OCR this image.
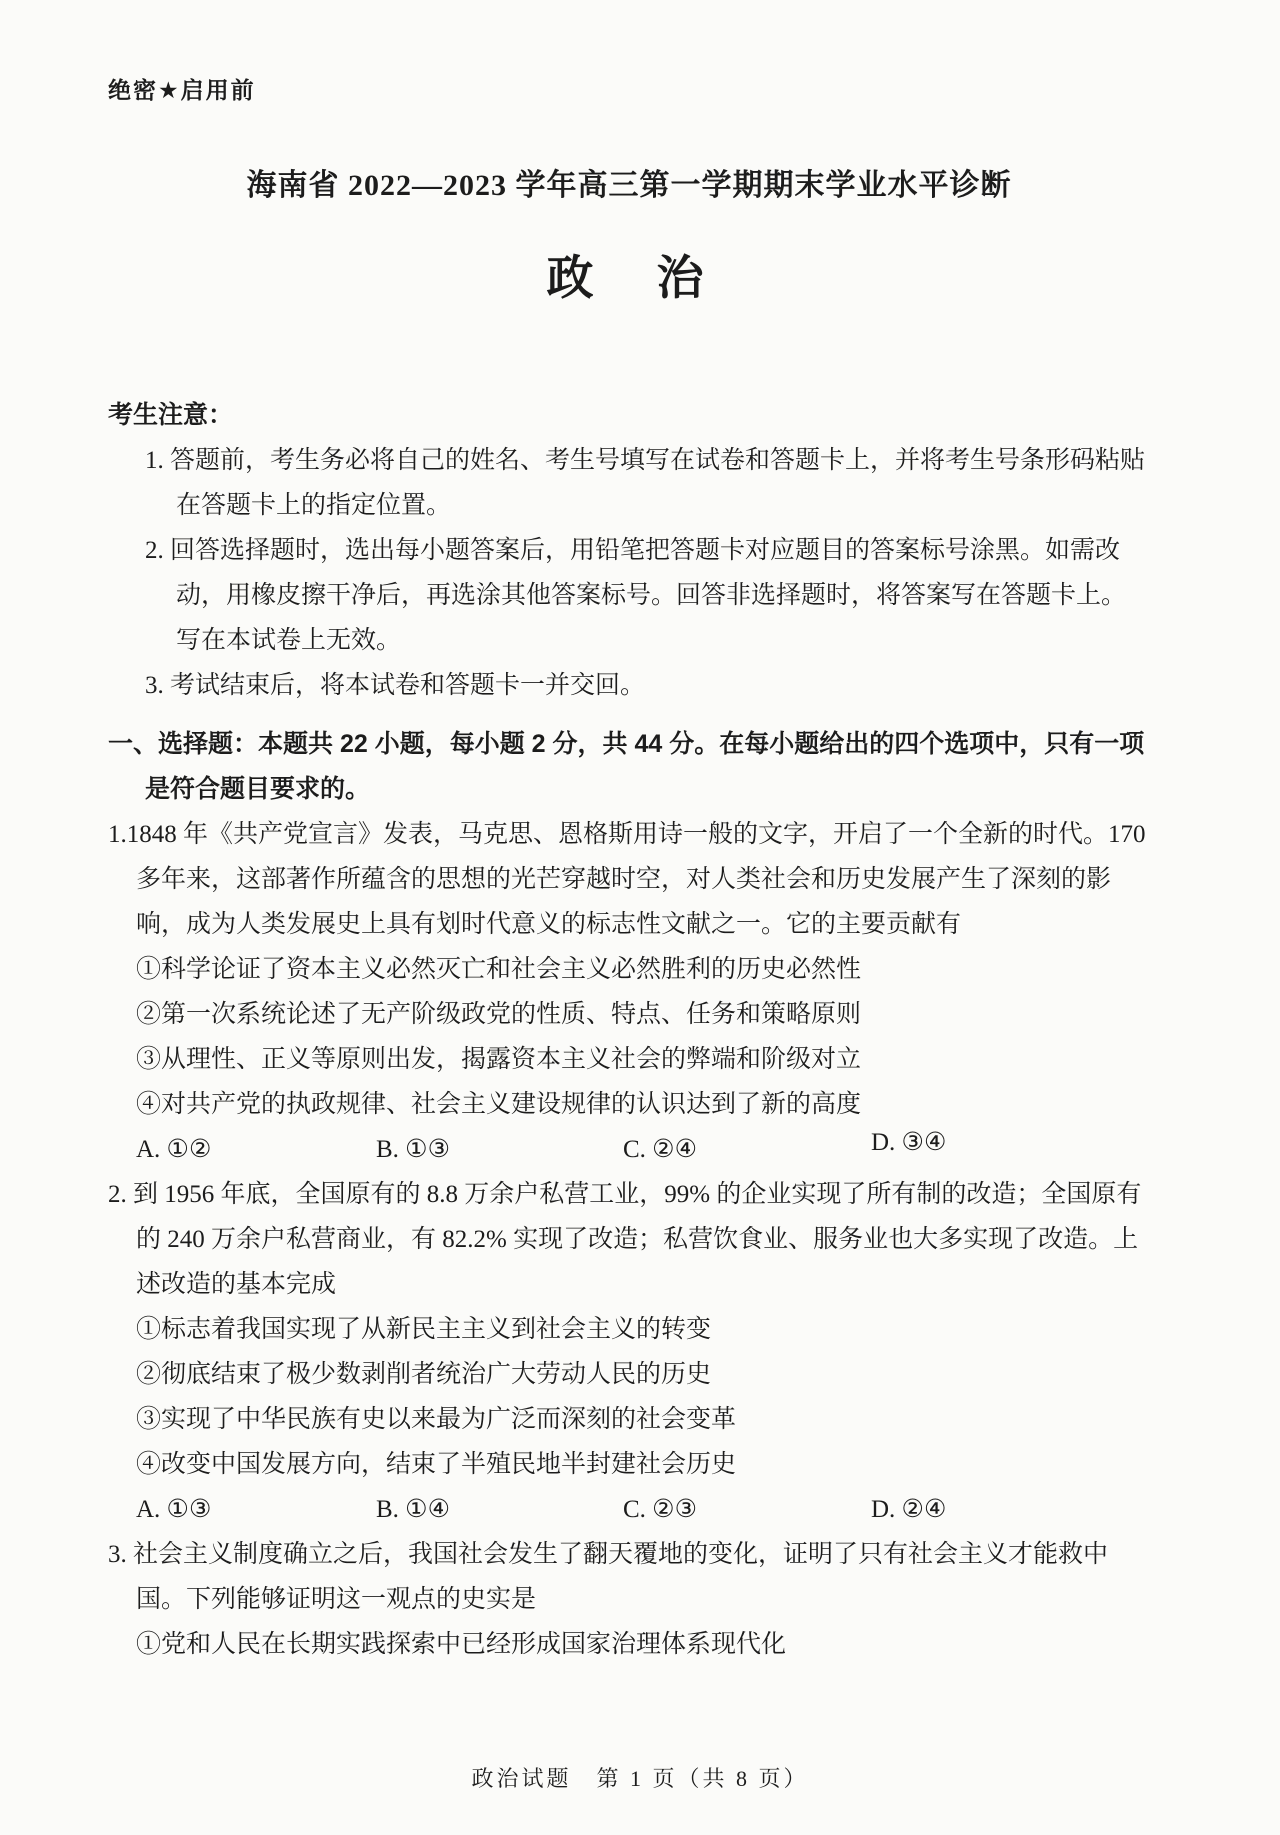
绝密★启用前
海南省 2022—2023 学年高三第一学期期末学业水平诊断
政　治
考生注意：

1. 答题前，考生务必将自己的姓名、考生号填写在试卷和答题卡上，并将考生号条形码粘贴在答题卡上的指定位置。

2. 回答选择题时，选出每小题答案后，用铅笔把答题卡对应题目的答案标号涂黑。如需改动，用橡皮擦干净后，再选涂其他答案标号。回答非选择题时，将答案写在答题卡上。写在本试卷上无效。

3. 考试结束后，将本试卷和答题卡一并交回。

一、选择题：本题共 22 小题，每小题 2 分，共 44 分。在每小题给出的四个选项中，只有一项是符合题目要求的。

1.1848 年《共产党宣言》发表，马克思、恩格斯用诗一般的文字，开启了一个全新的时代。170 多年来，这部著作所蕴含的思想的光芒穿越时空，对人类社会和历史发展产生了深刻的影响，成为人类发展史上具有划时代意义的标志性文献之一。它的主要贡献有

①科学论证了资本主义必然灭亡和社会主义必然胜利的历史必然性

②第一次系统论述了无产阶级政党的性质、特点、任务和策略原则

③从理性、正义等原则出发，揭露资本主义社会的弊端和阶级对立

④对共产党的执政规律、社会主义建设规律的认识达到了新的高度

A. ①②	B. ①③	C. ②④	D. ③④

2. 到 1956 年底，全国原有的 8.8 万余户私营工业，99% 的企业实现了所有制的改造；全国原有的 240 万余户私营商业，有 82.2% 实现了改造；私营饮食业、服务业也大多实现了改造。上述改造的基本完成

①标志着我国实现了从新民主主义到社会主义的转变

②彻底结束了极少数剥削者统治广大劳动人民的历史

③实现了中华民族有史以来最为广泛而深刻的社会变革

④改变中国发展方向，结束了半殖民地半封建社会历史

A. ①③	B. ①④	C. ②③	D. ②④

3. 社会主义制度确立之后，我国社会发生了翻天覆地的变化，证明了只有社会主义才能救中国。下列能够证明这一观点的史实是

①党和人民在长期实践探索中已经形成国家治理体系现代化

政治试题　第 1 页（共 8 页）
